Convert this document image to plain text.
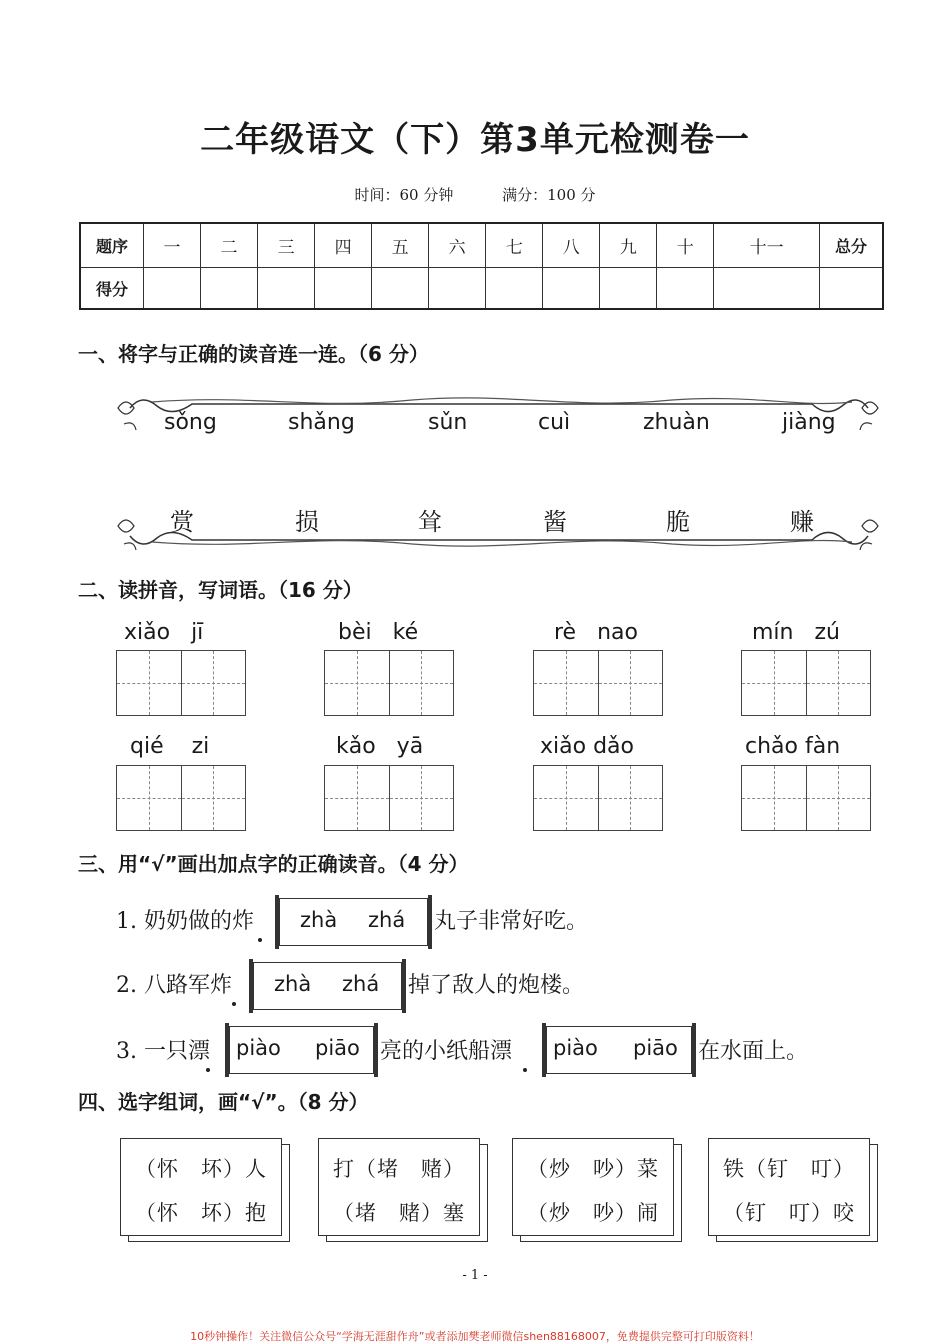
二年级语文（下）第3单元检测卷一
时间：60 分钟	满分：100 分
题序	一	二	三	四	五	六	七	八	九	十	十一	总分
得分												
一、将字与正确的读音连一连。（6 分）
sǒng	shǎng	sǔn	cuì	zhuàn	jiàng
赏	损	耸	酱	脆	赚
二、读拼音，写词语。（16 分）
xiǎo jī	bèi ké	rè nao	mín zú
qié zi	kǎo yā	xiǎo dǎo	chǎo fàn
三、用“√”画出加点字的正确读音。（4 分）
1. 奶奶做的炸 zhà zhá 丸子非常好吃。
2. 八路军炸 zhà zhá 掉了敌人的炮楼。
3. 一只漂 piào piāo 亮的小纸船漂 piào piāo 在水面上。
四、选字组词，画“√”。（8 分）
（怀　坏）人
（怀　坏）抱
打（堵　赌）
（堵　赌）塞
（炒　吵）菜
（炒　吵）闹
铁（钉　叮）
（钉　叮）咬
- 1 -
10秒钟操作！关注微信公众号“学海无涯甜作舟”或者添加樊老师微信shen88168007，免费提供完整可打印版资料！
